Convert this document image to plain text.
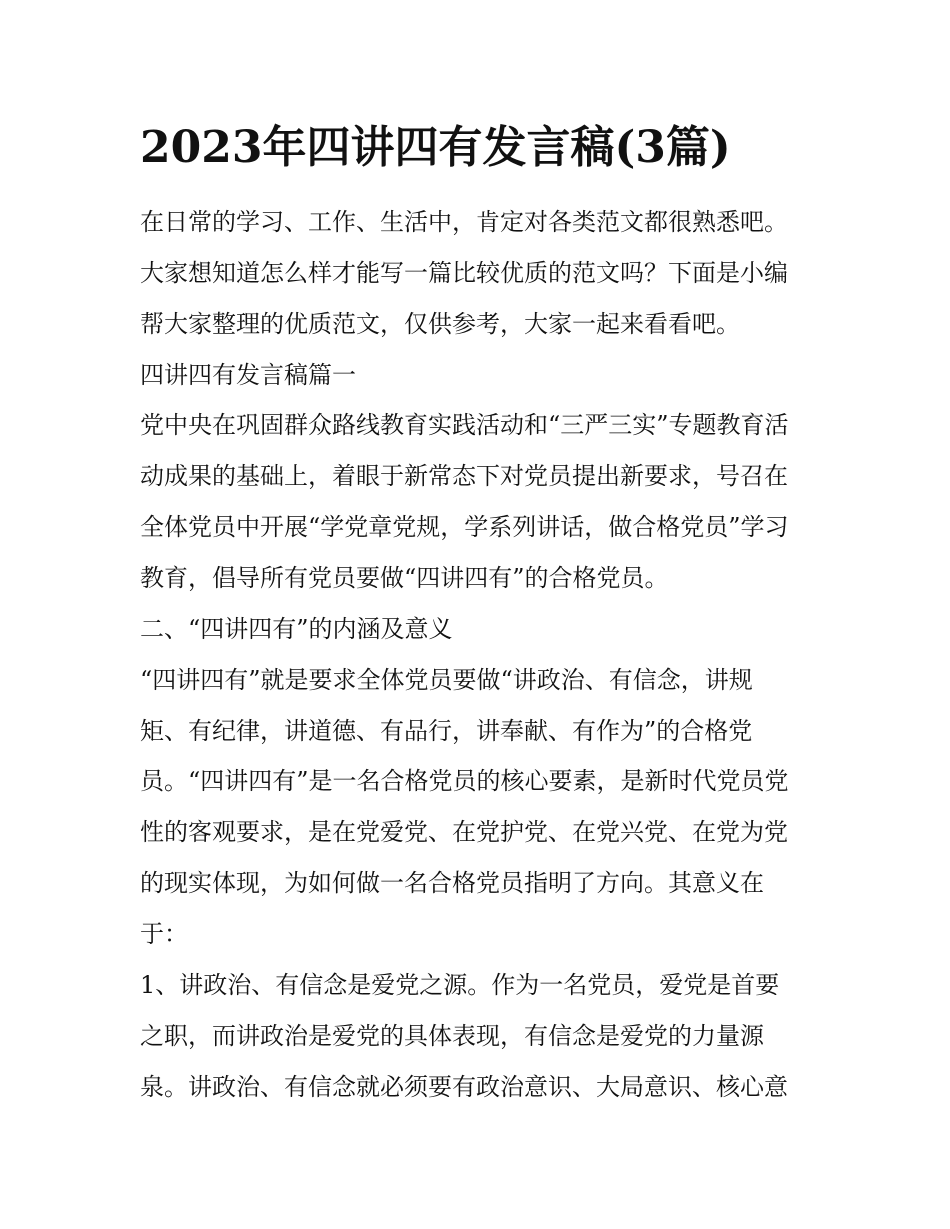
2023年四讲四有发言稿(3篇)

在日常的学习、工作、生活中，肯定对各类范文都很熟悉吧。

大家想知道怎么样才能写一篇比较优质的范文吗？下面是小编

帮大家整理的优质范文，仅供参考，大家一起来看看吧。

四讲四有发言稿篇一

党中央在巩固群众路线教育实践活动和“三严三实”专题教育活

动成果的基础上，着眼于新常态下对党员提出新要求，号召在

全体党员中开展“学党章党规，学系列讲话，做合格党员”学习

教育，倡导所有党员要做“四讲四有”的合格党员。

二、“四讲四有”的内涵及意义

“四讲四有”就是要求全体党员要做“讲政治、有信念，讲规

矩、有纪律，讲道德、有品行，讲奉献、有作为”的合格党

员。“四讲四有”是一名合格党员的核心要素，是新时代党员党

性的客观要求，是在党爱党、在党护党、在党兴党、在党为党

的现实体现，为如何做一名合格党员指明了方向。其意义在

于：

1、讲政治、有信念是爱党之源。作为一名党员，爱党是首要

之职，而讲政治是爱党的具体表现，有信念是爱党的力量源

泉。讲政治、有信念就必须要有政治意识、大局意识、核心意
